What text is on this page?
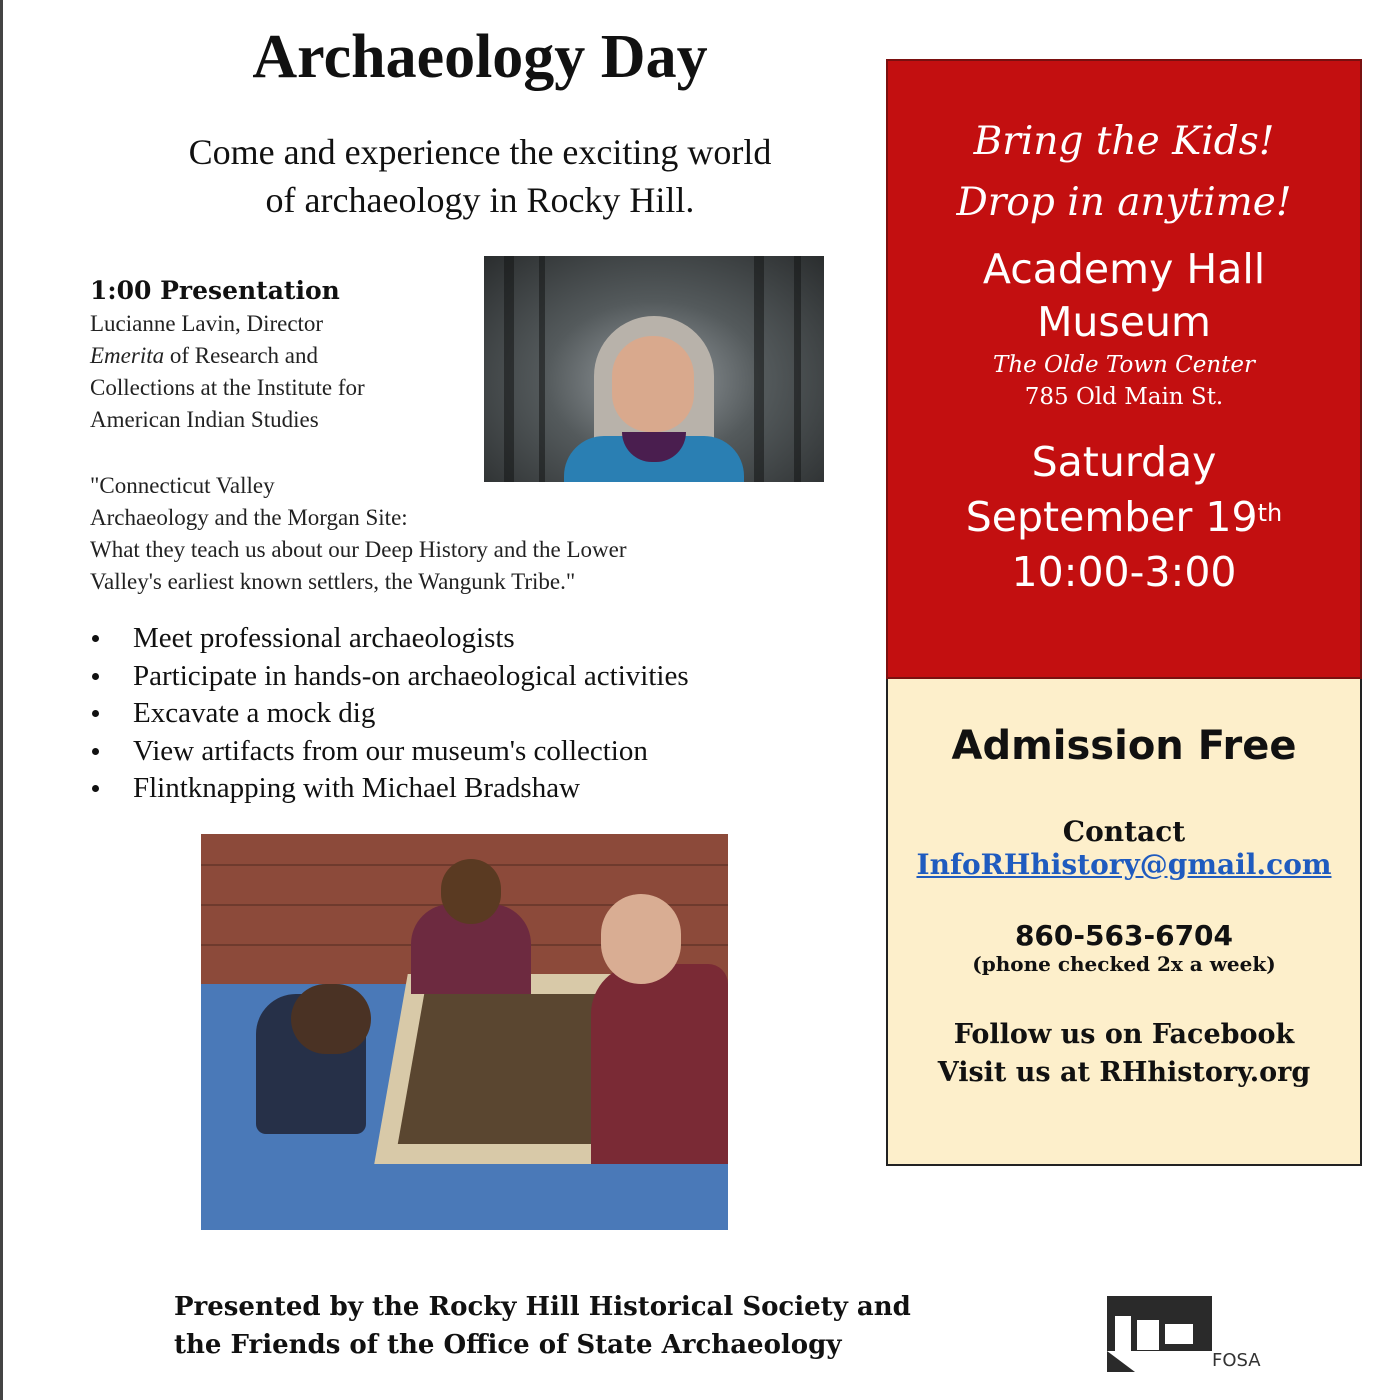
Archaeology Day
Come and experience the exciting world
of archaeology in Rocky Hill.
1:00 Presentation
Lucianne Lavin, Director
Emerita of Research and
Collections at the Institute for
American Indian Studies
"Connecticut Valley
Archaeology and the Morgan Site:
What they teach us about our Deep History and the Lower
Valley's earliest known settlers, the Wangunk Tribe."
Meet professional archaeologists
Participate in hands-on archaeological activities
Excavate a mock dig
View artifacts from our museum's collection
Flintknapping with Michael Bradshaw
Bring the Kids!
Drop in anytime!
Academy Hall
Museum
The Olde Town Center
785 Old Main St.
Saturday
September 19th
10:00-3:00
Admission Free
Contact
InfoRHhistory@gmail.com
860-563-6704
(phone checked 2x a week)
Follow us on Facebook
Visit us at RHhistory.org
Presented by the Rocky Hill Historical Society and
the Friends of the Office of State Archaeology
FOSA
